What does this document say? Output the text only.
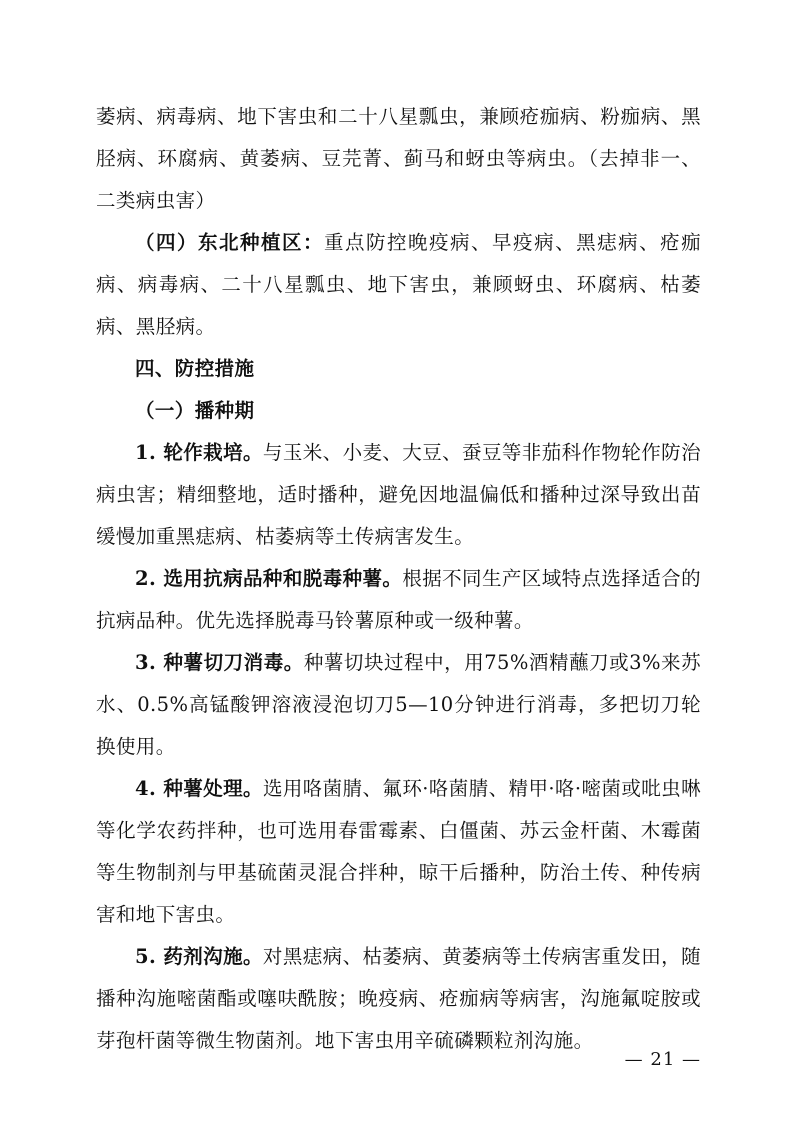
萎病、病毒病、地下害虫和二十八星瓢虫，兼顾疮痂病、粉痂病、黑胫病、环腐病、黄萎病、豆芫菁、蓟马和蚜虫等病虫。（去掉非一、二类病虫害）

（四）东北种植区：重点防控晚疫病、早疫病、黑痣病、疮痂病、病毒病、二十八星瓢虫、地下害虫，兼顾蚜虫、环腐病、枯萎病、黑胫病。

四、防控措施

（一）播种期

1. 轮作栽培。与玉米、小麦、大豆、蚕豆等非茄科作物轮作防治病虫害；精细整地，适时播种，避免因地温偏低和播种过深导致出苗缓慢加重黑痣病、枯萎病等土传病害发生。

2. 选用抗病品种和脱毒种薯。根据不同生产区域特点选择适合的抗病品种。优先选择脱毒马铃薯原种或一级种薯。

3. 种薯切刀消毒。种薯切块过程中，用75%酒精蘸刀或3%来苏水、0.5%高锰酸钾溶液浸泡切刀5—10分钟进行消毒，多把切刀轮换使用。

4. 种薯处理。选用咯菌腈、氟环·咯菌腈、精甲·咯·嘧菌或吡虫啉等化学农药拌种，也可选用春雷霉素、白僵菌、苏云金杆菌、木霉菌等生物制剂与甲基硫菌灵混合拌种，晾干后播种，防治土传、种传病害和地下害虫。

5. 药剂沟施。对黑痣病、枯萎病、黄萎病等土传病害重发田，随播种沟施嘧菌酯或噻呋酰胺；晚疫病、疮痂病等病害，沟施氟啶胺或芽孢杆菌等微生物菌剂。地下害虫用辛硫磷颗粒剂沟施。

— 21 —
